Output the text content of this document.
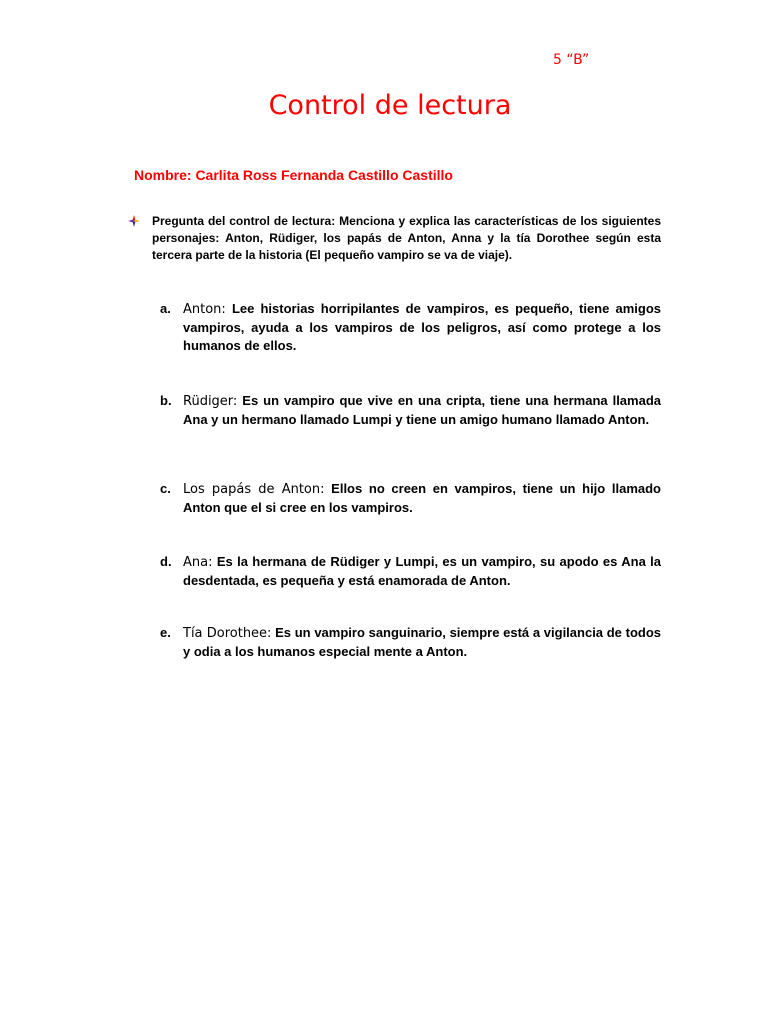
5 “B”
Control de lectura
Nombre: Carlita Ross Fernanda Castillo Castillo
Pregunta del control de lectura: Menciona y explica las características de los siguientes personajes: Anton, Rüdiger, los papás de Anton, Anna y la tía Dorothee según esta tercera parte de la historia (El pequeño vampiro se va de viaje).
a. Anton: Lee historias horripilantes de vampiros, es pequeño, tiene amigos vampiros, ayuda a los vampiros de los peligros, así como protege a los humanos de ellos.
b. Rüdiger: Es un vampiro que vive en una cripta, tiene una hermana llamada Ana y un hermano llamado Lumpi y tiene un amigo humano llamado Anton.
c. Los papás de Anton: Ellos no creen en vampiros, tiene un hijo llamado Anton que el si cree en los vampiros.
d. Ana: Es la hermana de Rüdiger y Lumpi, es un vampiro, su apodo es Ana la desdentada, es pequeña y está enamorada de Anton.
e. Tía Dorothee: Es un vampiro sanguinario, siempre está a vigilancia de todos y odia a los humanos especial mente a Anton.
